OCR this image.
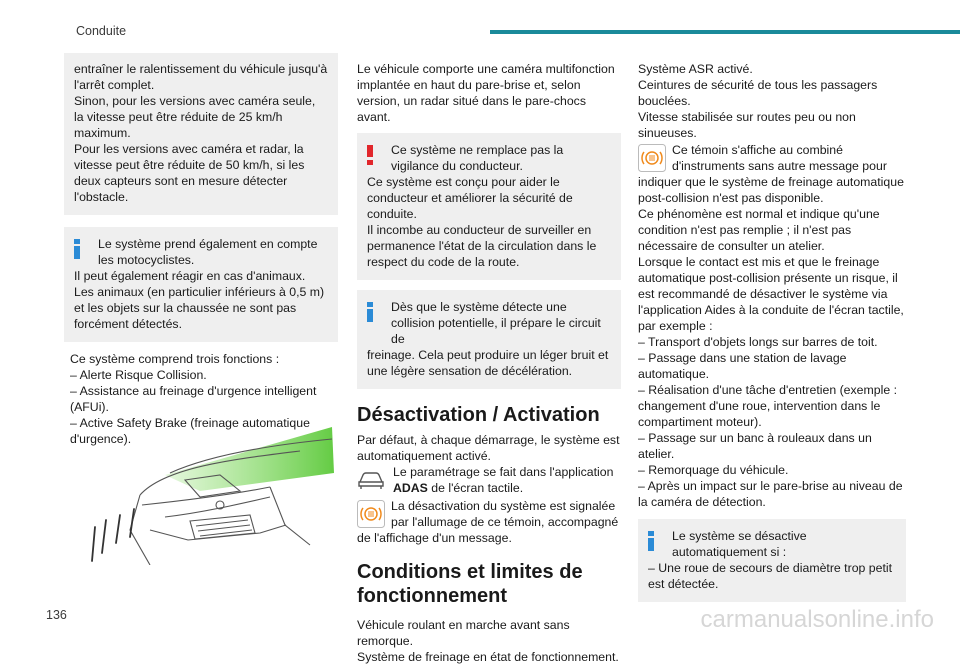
Conduite

entraîner le ralentissement du véhicule jusqu'à l'arrêt complet.

Sinon, pour les versions avec caméra seule, la vitesse peut être réduite de 25 km/h maximum.

Pour les versions avec caméra et radar, la vitesse peut être réduite de 50 km/h, si les deux capteurs sont en mesure détecter l'obstacle.

Le système prend également en compte les motocyclistes.

Il peut également réagir en cas d'animaux.

Les animaux (en particulier inférieurs à 0,5 m) et les objets sur la chaussée ne sont pas forcément détectés.

Ce système comprend trois fonctions :

– Alerte Risque Collision.

– Assistance au freinage d'urgence intelligent (AFUi).

– Active Safety Brake (freinage automatique d'urgence).

Le véhicule comporte une caméra multifonction implantée en haut du pare-brise et, selon version, un radar situé dans le pare-chocs avant.

Ce système ne remplace pas la vigilance du conducteur.

Ce système est conçu pour aider le conducteur et améliorer la sécurité de conduite.

Il incombe au conducteur de surveiller en permanence l'état de la circulation dans le respect du code de la route.

Dès que le système détecte une collision potentielle, il prépare le circuit de

freinage. Cela peut produire un léger bruit et une légère sensation de décélération.

Désactivation / Activation

Par défaut, à chaque démarrage, le système est automatiquement activé.

Le paramétrage se fait dans l'application ADAS de l'écran tactile.

La désactivation du système est signalée par l'allumage de ce témoin, accompagné de l'affichage d'un message.

Conditions et limites de fonctionnement

Véhicule roulant en marche avant sans remorque.

Système de freinage en état de fonctionnement.

Système ASR activé.

Ceintures de sécurité de tous les passagers bouclées.

Vitesse stabilisée sur routes peu ou non sinueuses.

Ce témoin s'affiche au combiné d'instruments sans autre message pour indiquer que le système de freinage automatique post-collision n'est pas disponible.

Ce phénomène est normal et indique qu'une condition n'est pas remplie ; il n'est pas nécessaire de consulter un atelier.

Lorsque le contact est mis et que le freinage automatique post-collision présente un risque, il est recommandé de désactiver le système via l'application Aides à la conduite de l'écran tactile, par exemple :

– Transport d'objets longs sur barres de toit.

– Passage dans une station de lavage automatique.

– Réalisation d'une tâche d'entretien (exemple : changement d'une roue, intervention dans le compartiment moteur).

– Passage sur un banc à rouleaux dans un atelier.

– Remorquage du véhicule.

– Après un impact sur le pare-brise au niveau de la caméra de détection.

Le système se désactive automatiquement si :

– Une roue de secours de diamètre trop petit est détectée.

136	carmanualsonline.info
